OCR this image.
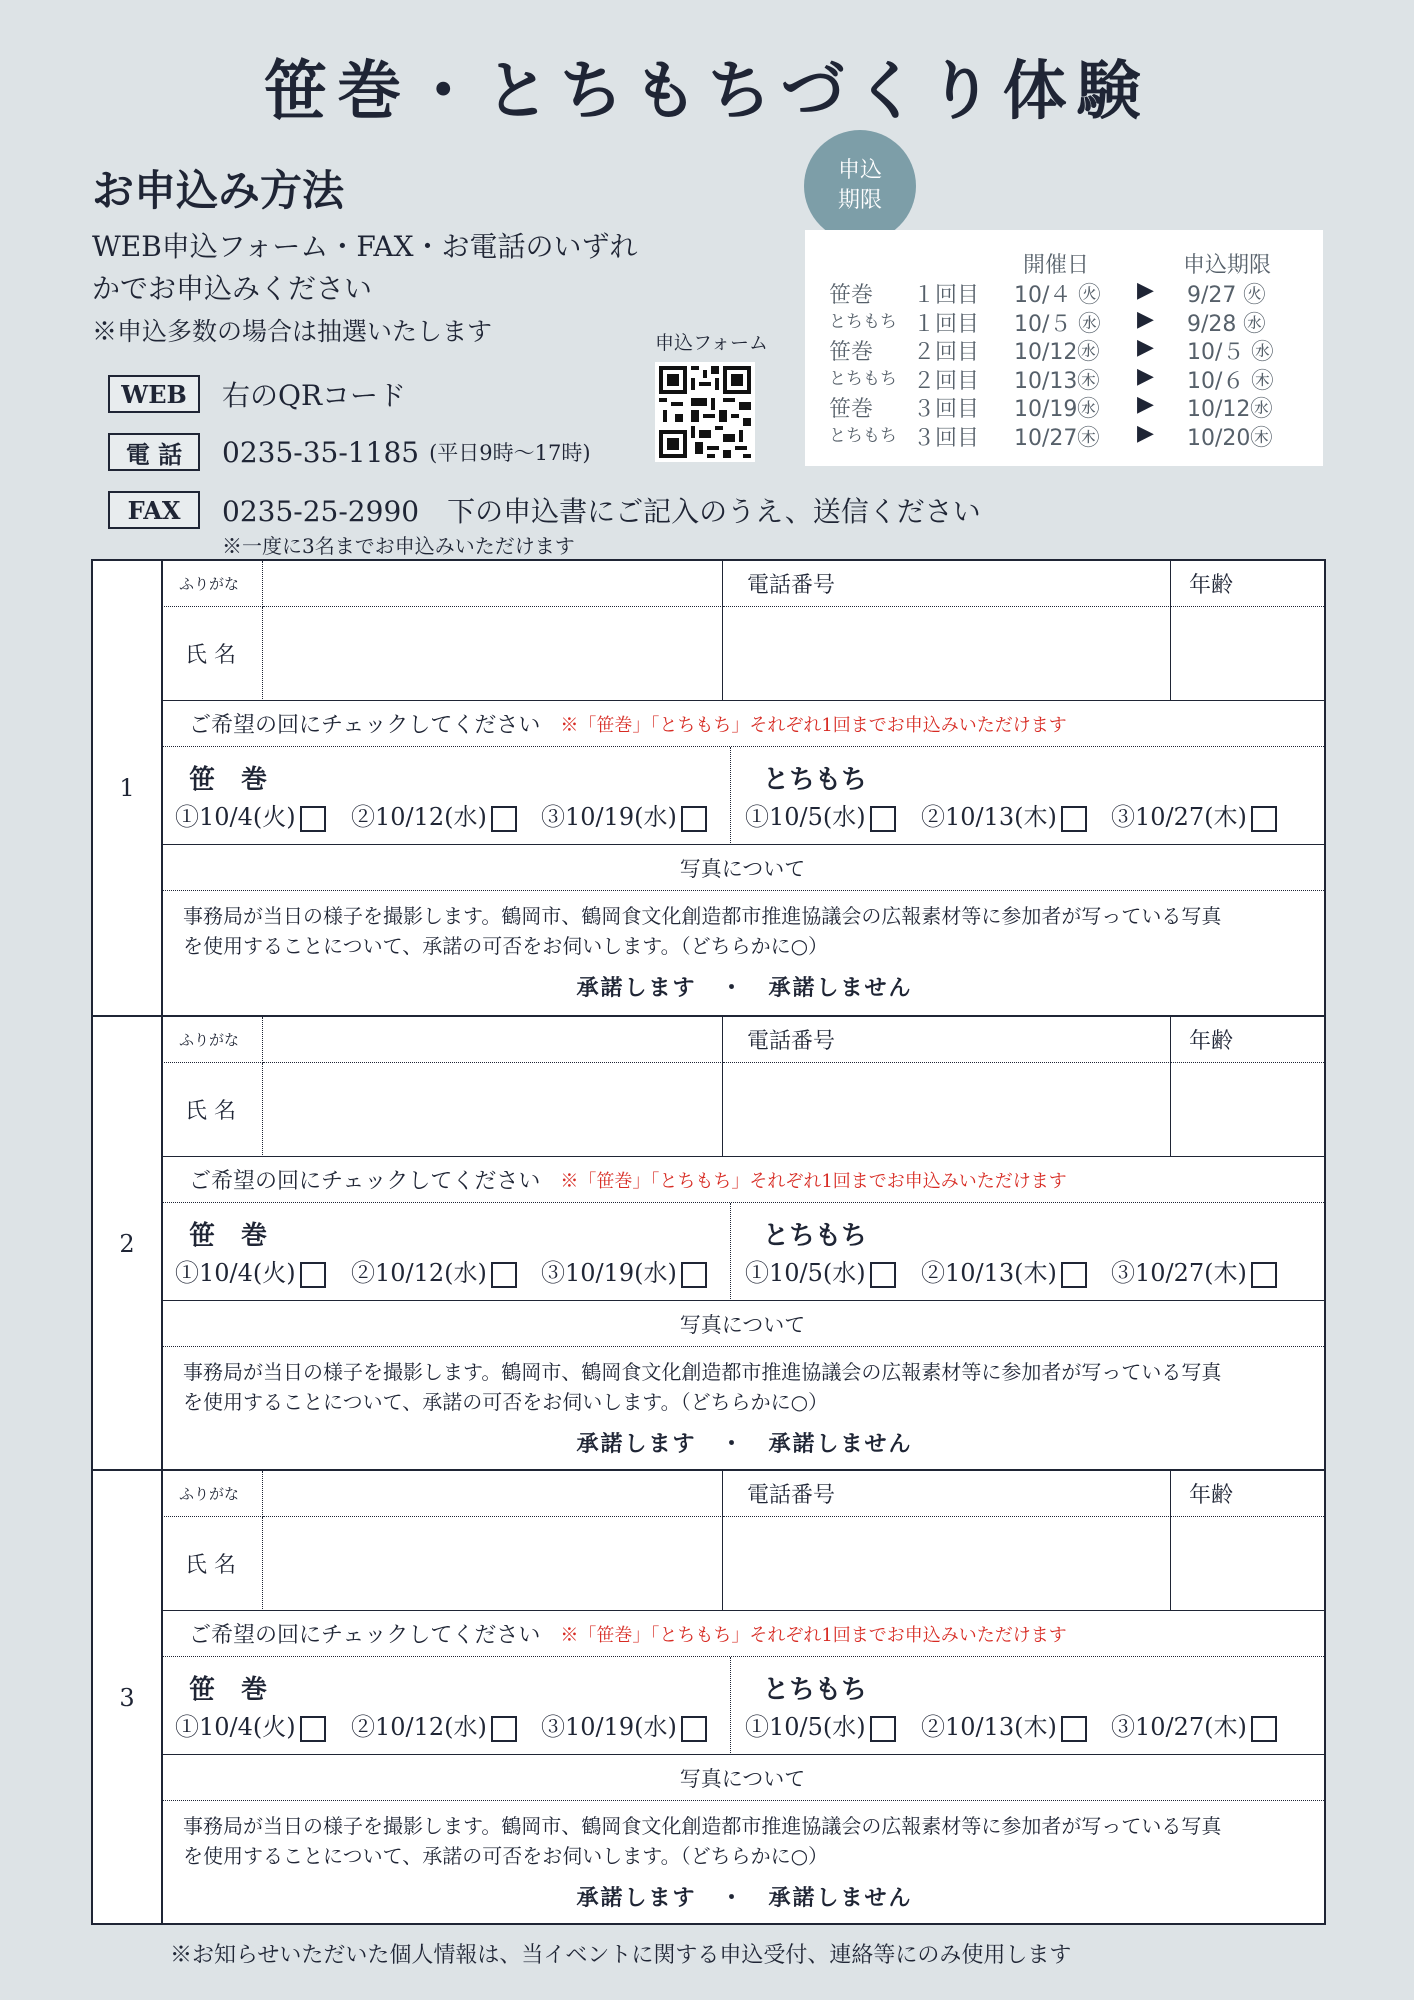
笹巻・とちもちづくり体験
お申込み方法
WEB申込フォーム・FAX・お電話のいずれ
かでお申込みください
※申込多数の場合は抽選いたします
WEB	右のQRコード
電 話	0235-35-1185 (平日9時〜17時)
FAX	0235-25-2990　下の申込書にご記入のうえ、送信ください
※一度に3名までお申込みいただけます
申込フォーム
申込
期限
開催日	申込期限
笹巻 １回目 10/４ ㊋ ▶ 9/27 ㊋
とちもち １回目 10/５ ㊌ ▶ 9/28 ㊌
笹巻 ２回目 10/12㊌ ▶ 10/５ ㊌
とちもち ２回目 10/13㊍ ▶ 10/６ ㊍
笹巻 ３回目 10/19㊌ ▶ 10/12㊌
とちもち ３回目 10/27㊍ ▶ 10/20㊍
1
ふりがな	電話番号	年齢
氏 名
ご希望の回にチェックしてください ※「笹巻」「とちもち」それぞれ1回までお申込みいただけます
笹　巻
①10/4(火)	②10/12(水)	③10/19(水)
とちもち
①10/5(水)	②10/13(木)	③10/27(木)
写真について
事務局が当日の様子を撮影します。鶴岡市、鶴岡食文化創造都市推進協議会の広報素材等に参加者が写っている写真
を使用することについて、承諾の可否をお伺いします。（どちらかに○）
承諾します　・　承諾しません
2
ふりがな	電話番号	年齢
氏 名
ご希望の回にチェックしてください ※「笹巻」「とちもち」それぞれ1回までお申込みいただけます
笹　巻
①10/4(火)	②10/12(水)	③10/19(水)
とちもち
①10/5(水)	②10/13(木)	③10/27(木)
写真について
事務局が当日の様子を撮影します。鶴岡市、鶴岡食文化創造都市推進協議会の広報素材等に参加者が写っている写真
を使用することについて、承諾の可否をお伺いします。（どちらかに○）
承諾します　・　承諾しません
3
ふりがな	電話番号	年齢
氏 名
ご希望の回にチェックしてください ※「笹巻」「とちもち」それぞれ1回までお申込みいただけます
笹　巻
①10/4(火)	②10/12(水)	③10/19(水)
とちもち
①10/5(水)	②10/13(木)	③10/27(木)
写真について
事務局が当日の様子を撮影します。鶴岡市、鶴岡食文化創造都市推進協議会の広報素材等に参加者が写っている写真
を使用することについて、承諾の可否をお伺いします。（どちらかに○）
承諾します　・　承諾しません
※お知らせいただいた個人情報は、当イベントに関する申込受付、連絡等にのみ使用します
